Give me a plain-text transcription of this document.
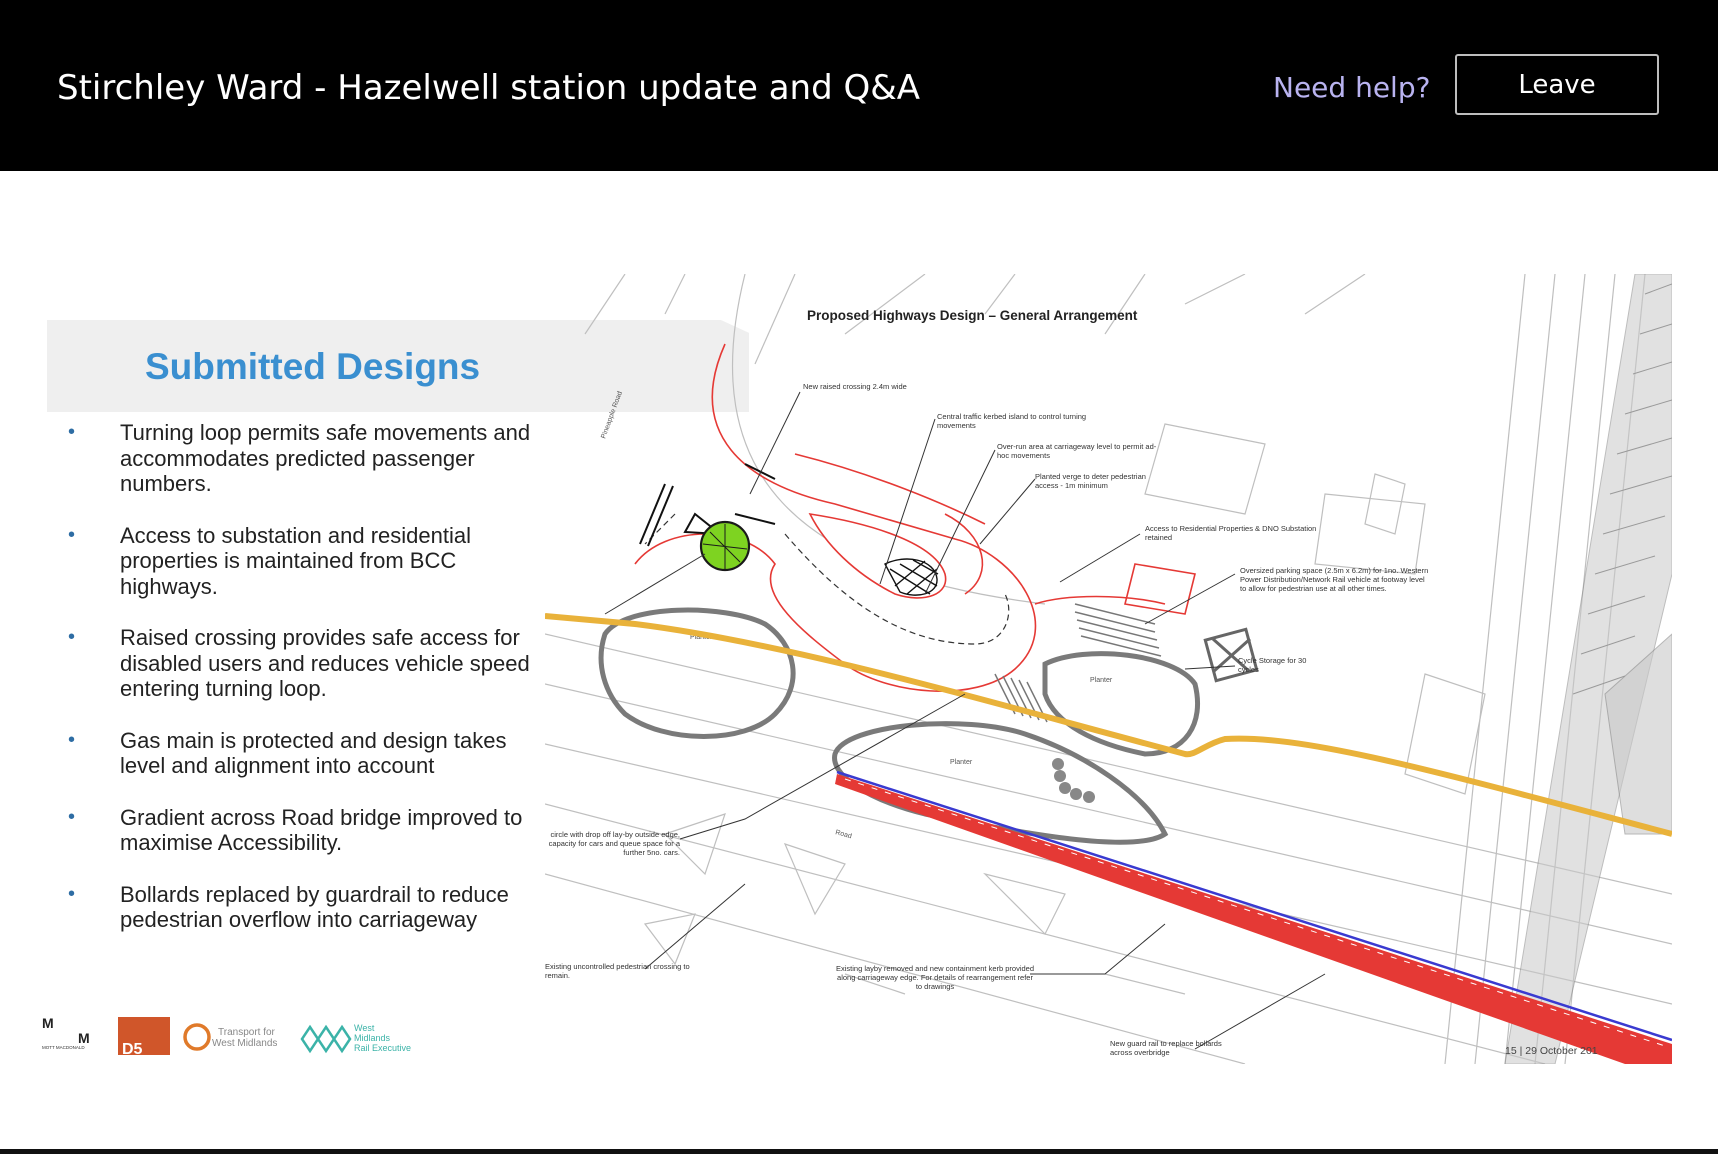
Stirchley Ward - Hazelwell station update and Q&A	Need help?	Leave
Submitted Designs
• Turning loop permits safe movements and
accommodates predicted passenger
numbers.
• Access to substation and residential
properties is maintained from BCC
highways.
• Raised crossing provides safe access for
disabled users and reduces vehicle speed
entering turning loop.
• Gas main is protected and design takes
level and alignment into account
• Gradient across Road bridge improved to
maximise Accessibility.
• Bollards replaced by guardrail to reduce
pedestrian overflow into carriageway
Proposed Highways Design – General Arrangement
Planter
Planter
Planter
Pineapple Road
Road
Trees
New raised crossing 2.4m wide
Central traffic kerbed island to control turning movements
Over-run area at carriageway level to permit ad-hoc movements
Planted verge to deter pedestrian access - 1m minimum
Access to Residential Properties & DNO Substation retained
Oversized parking space (2.5m x 6.2m) for 1no. Western Power Distribution/Network Rail vehicle at footway level to allow for pedestrian use at all other times.
Cycle Storage for 30 cycles
circle with drop off lay-by outside edge, capacity for cars and queue space for a further 5no. cars.
Existing uncontrolled pedestrian crossing to remain.
Existing layby removed and new containment kerb provided along carriageway edge. For details of rearrangement refer to drawings
New guard rail to replace bollards across overbridge	15 | 29 October 201
M
M
MOTT MACDONALD	D5
Transport for
West Midlands
West
Midlands
Rail Executive
